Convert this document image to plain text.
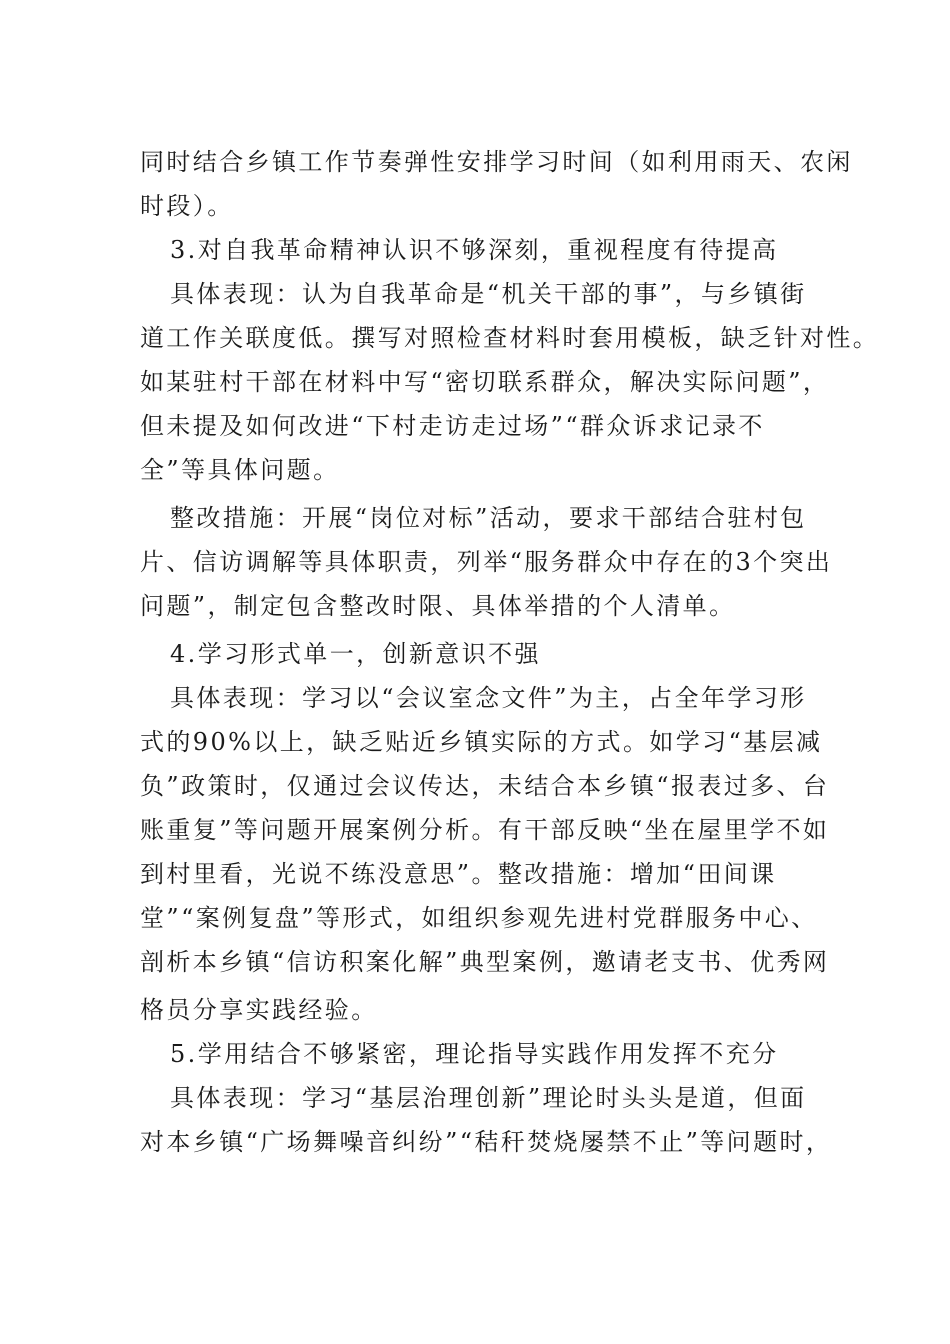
同时结合乡镇工作节奏弹性安排学习时间（如利用雨天、农闲
时段）。
3.对自我革命精神认识不够深刻，重视程度有待提高
具体表现：认为自我革命是“机关干部的事”，与乡镇街
道工作关联度低。撰写对照检查材料时套用模板，缺乏针对性。
如某驻村干部在材料中写“密切联系群众，解决实际问题”，
但未提及如何改进“下村走访走过场”“群众诉求记录不
全”等具体问题。
整改措施：开展“岗位对标”活动，要求干部结合驻村包
片、信访调解等具体职责，列举“服务群众中存在的3个突出
问题”，制定包含整改时限、具体举措的个人清单。
4.学习形式单一，创新意识不强
具体表现：学习以“会议室念文件”为主，占全年学习形
式的90%以上，缺乏贴近乡镇实际的方式。如学习“基层减
负”政策时，仅通过会议传达，未结合本乡镇“报表过多、台
账重复”等问题开展案例分析。有干部反映“坐在屋里学不如
到村里看，光说不练没意思”。整改措施：增加“田间课
堂”“案例复盘”等形式，如组织参观先进村党群服务中心、
剖析本乡镇“信访积案化解”典型案例，邀请老支书、优秀网
格员分享实践经验。
5.学用结合不够紧密，理论指导实践作用发挥不充分
具体表现：学习“基层治理创新”理论时头头是道，但面
对本乡镇“广场舞噪音纠纷”“秸秆焚烧屡禁不止”等问题时，
